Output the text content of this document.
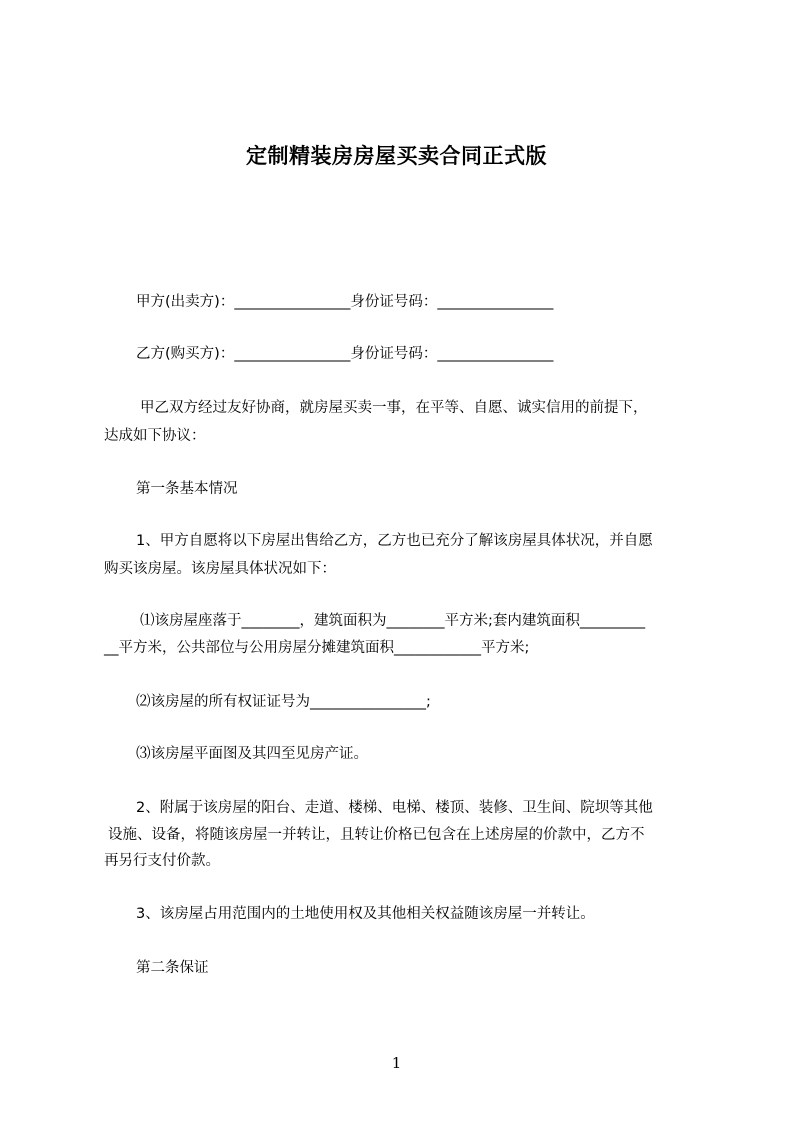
定制精装房房屋买卖合同正式版
甲方(出卖方)：________________身份证号码：________________
乙方(购买方)：________________身份证号码：________________
甲乙双方经过友好协商，就房屋买卖一事，在平等、自愿、诚实信用的前提下，
达成如下协议：
第一条基本情况
1、甲方自愿将以下房屋出售给乙方，乙方也已充分了解该房屋具体状况，并自愿
购买该房屋。该房屋具体状况如下：
⑴该房屋座落于________，建筑面积为________平方米;套内建筑面积_________
__平方米，公共部位与公用房屋分摊建筑面积____________平方米;
⑵该房屋的所有权证证号为________________;
⑶该房屋平面图及其四至见房产证。
2、附属于该房屋的阳台、走道、楼梯、电梯、楼顶、装修、卫生间、院坝等其他
设施、设备，将随该房屋一并转让，且转让价格已包含在上述房屋的价款中，乙方不
再另行支付价款。
3、该房屋占用范围内的土地使用权及其他相关权益随该房屋一并转让。
第二条保证
1
